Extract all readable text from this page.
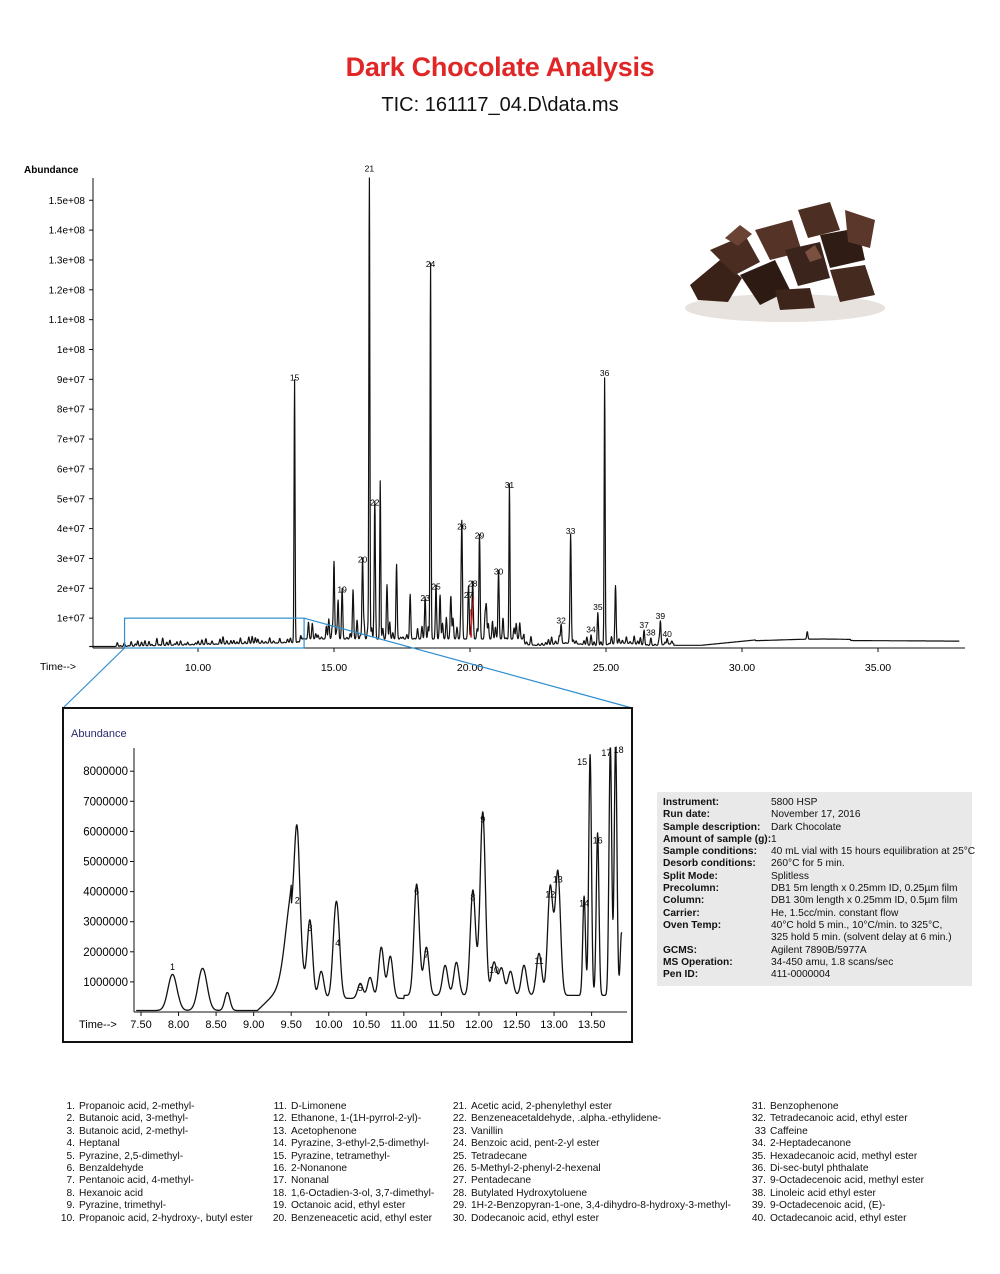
Dark Chocolate Analysis
TIC: 161117_04.D\data.ms
1e+07
2e+07
3e+07
4e+07
5e+07
6e+07
7e+07
8e+07
9e+07
1e+08
1.1e+08
1.2e+08
1.3e+08
1.4e+08
1.5e+08
10.00	15.00	20.00	25.00	30.00	35.00
Abundance
Time-->
15
19
20
21
22
23
24
25
26
27
28
29
30
31
32
33
34
35
36
37
38
39
40
1000000
2000000
3000000
4000000
5000000
6000000
7000000
8000000
7.50 8.00 8.50 9.00 9.50 10.00 10.50 11.00 11.50 12.00 12.50 13.00 13.50
Abundance
Time-->
1
2
3
4
5
6
7
8
9
10
11
12
13
14
15
16
17 18
Instrument:	5800 HSP
Run date:	November 17, 2016
Sample description:	Dark Chocolate
Amount of sample (g): 1
Sample conditions:	40 mL vial with 15 hours equilibration at 25°C
Desorb conditions:	260°C for 5 min.
Split Mode:	Splitless
Precolumn:	DB1 5m length x 0.25mm ID, 0.25µm film
Column:	DB1 30m length x 0.25mm ID, 0.5µm film
Carrier:	He, 1.5cc/min. constant flow
Oven Temp:	40°C hold 5 min., 10°C/min. to 325°C,
325 hold 5 min. (solvent delay at 6 min.)
GCMS:	Agilent 7890B/5977A
MS Operation:	34-450 amu, 1.8 scans/sec
Pen ID:	411-0000004
1. Propanoic acid, 2-methyl-
2. Butanoic acid, 3-methyl-
3. Butanoic acid, 2-methyl-
4. Heptanal
5. Pyrazine, 2,5-dimethyl-
6. Benzaldehyde
7. Pentanoic acid, 4-methyl-
8. Hexanoic acid
9. Pyrazine, trimethyl-
10. Propanoic acid, 2-hydroxy-, butyl ester
11. D-Limonene
12. Ethanone, 1-(1H-pyrrol-2-yl)-
13. Acetophenone
14. Pyrazine, 3-ethyl-2,5-dimethyl-
15. Pyrazine, tetramethyl-
16. 2-Nonanone
17. Nonanal
18. 1,6-Octadien-3-ol, 3,7-dimethyl-
19. Octanoic acid, ethyl ester
20. Benzeneacetic acid, ethyl ester
21. Acetic acid, 2-phenylethyl ester
22. Benzeneacetaldehyde, .alpha.-ethylidene-
23. Vanillin
24. Benzoic acid, pent-2-yl ester
25. Tetradecane
26. 5-Methyl-2-phenyl-2-hexenal
27. Pentadecane
28. Butylated Hydroxytoluene
29. 1H-2-Benzopyran-1-one, 3,4-dihydro-8-hydroxy-3-methyl-
30. Dodecanoic acid, ethyl ester
31. Benzophenone
32. Tetradecanoic acid, ethyl ester
33 Caffeine
34. 2-Heptadecanone
35. Hexadecanoic acid, methyl ester
36. Di-sec-butyl phthalate
37. 9-Octadecenoic acid, methyl ester
38. Linoleic acid ethyl ester
39. 9-Octadecenoic acid, (E)-
40. Octadecanoic acid, ethyl ester
